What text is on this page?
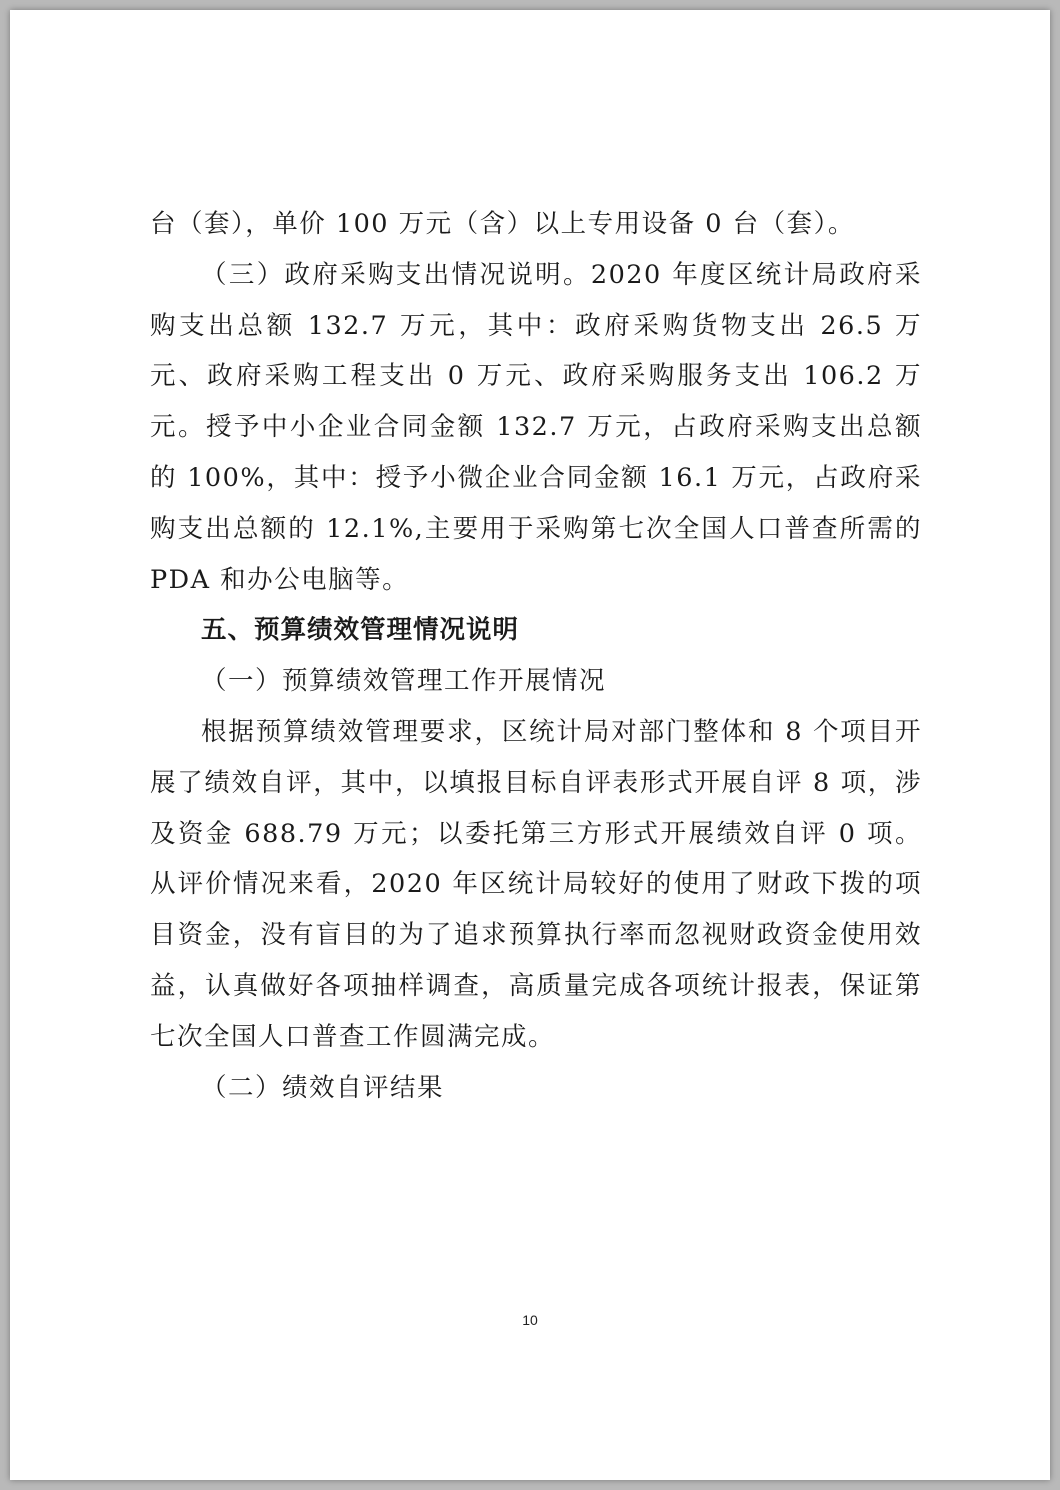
台（套），单价 100 万元（含）以上专用设备 0 台（套）。

（三）政府采购支出情况说明。2020 年度区统计局政府采购支出总额 132.7 万元，其中：政府采购货物支出 26.5 万元、政府采购工程支出 0 万元、政府采购服务支出 106.2 万元。授予中小企业合同金额 132.7 万元，占政府采购支出总额的 100%，其中：授予小微企业合同金额 16.1 万元，占政府采购支出总额的 12.1%,主要用于采购第七次全国人口普查所需的 PDA 和办公电脑等。

五、预算绩效管理情况说明

（一）预算绩效管理工作开展情况

根据预算绩效管理要求，区统计局对部门整体和 8 个项目开展了绩效自评，其中，以填报目标自评表形式开展自评 8 项，涉及资金 688.79 万元；以委托第三方形式开展绩效自评 0 项。从评价情况来看，2020 年区统计局较好的使用了财政下拨的项目资金，没有盲目的为了追求预算执行率而忽视财政资金使用效益，认真做好各项抽样调查，高质量完成各项统计报表，保证第七次全国人口普查工作圆满完成。

（二）绩效自评结果

10
